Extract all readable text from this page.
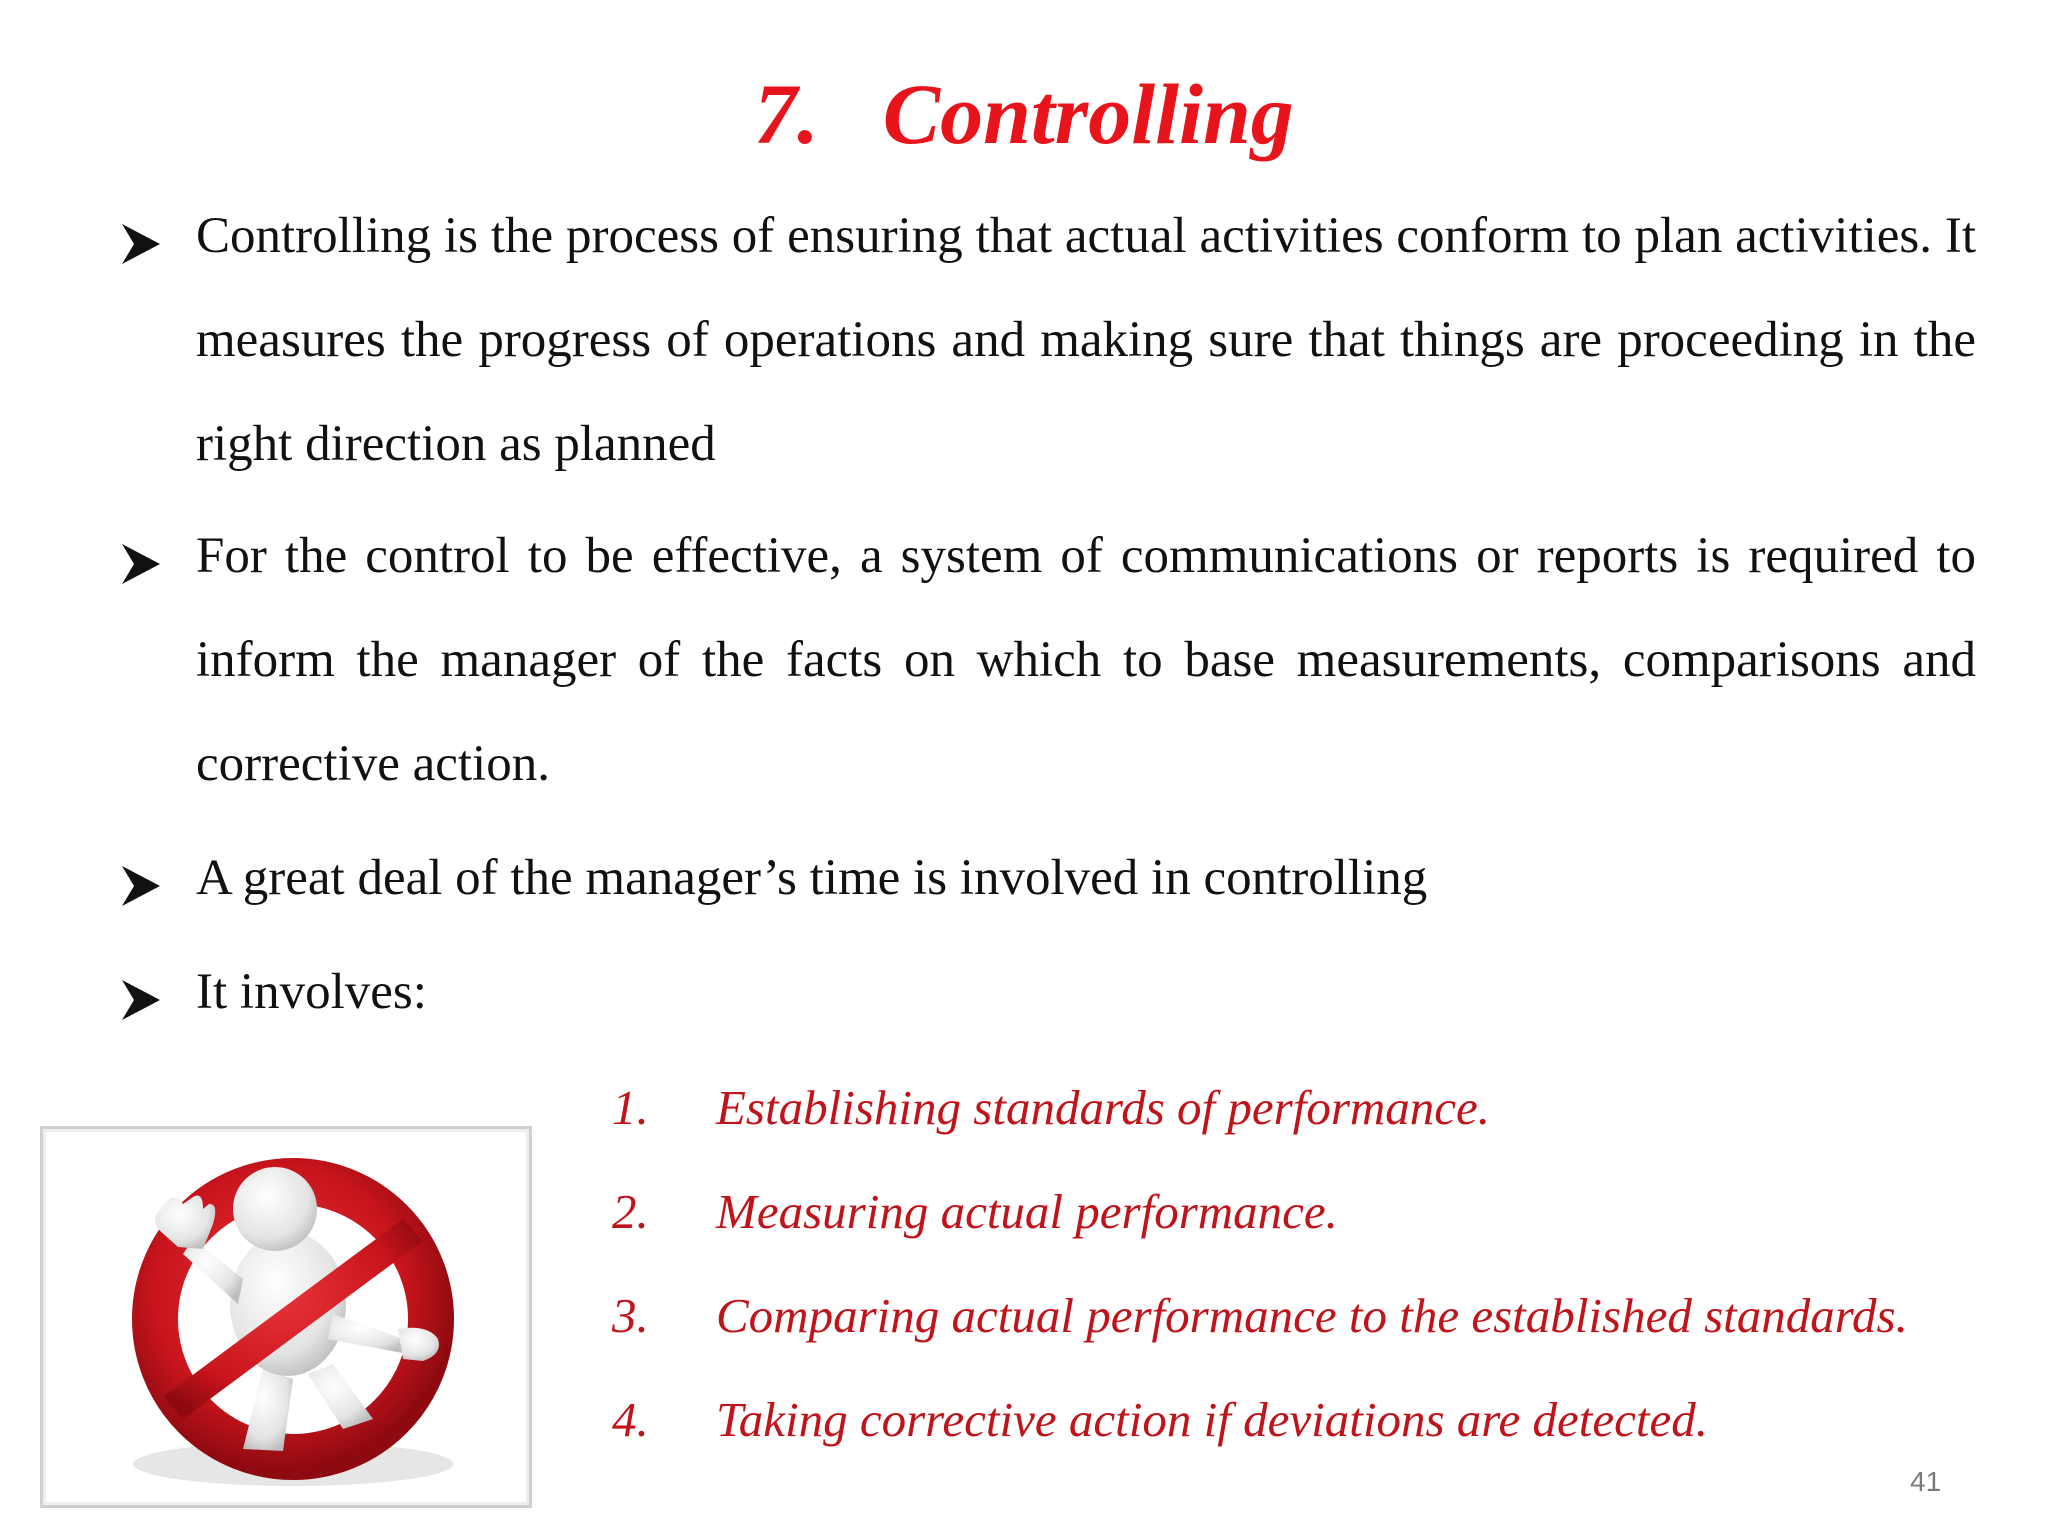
7. Controlling
Controlling is the process of ensuring that actual activities conform to plan activities. It measures the progress of operations and making sure that things are proceeding in the right direction as planned
For the control to be effective, a system of communications or reports is required to inform the manager of the facts on which to base measurements, comparisons and corrective action.
A great deal of the manager’s time is involved in controlling
It involves:
1.	Establishing standards of performance.
2.	Measuring actual performance.
3.	Comparing actual performance to the established standards.
4.	Taking corrective action if deviations are detected.
41
